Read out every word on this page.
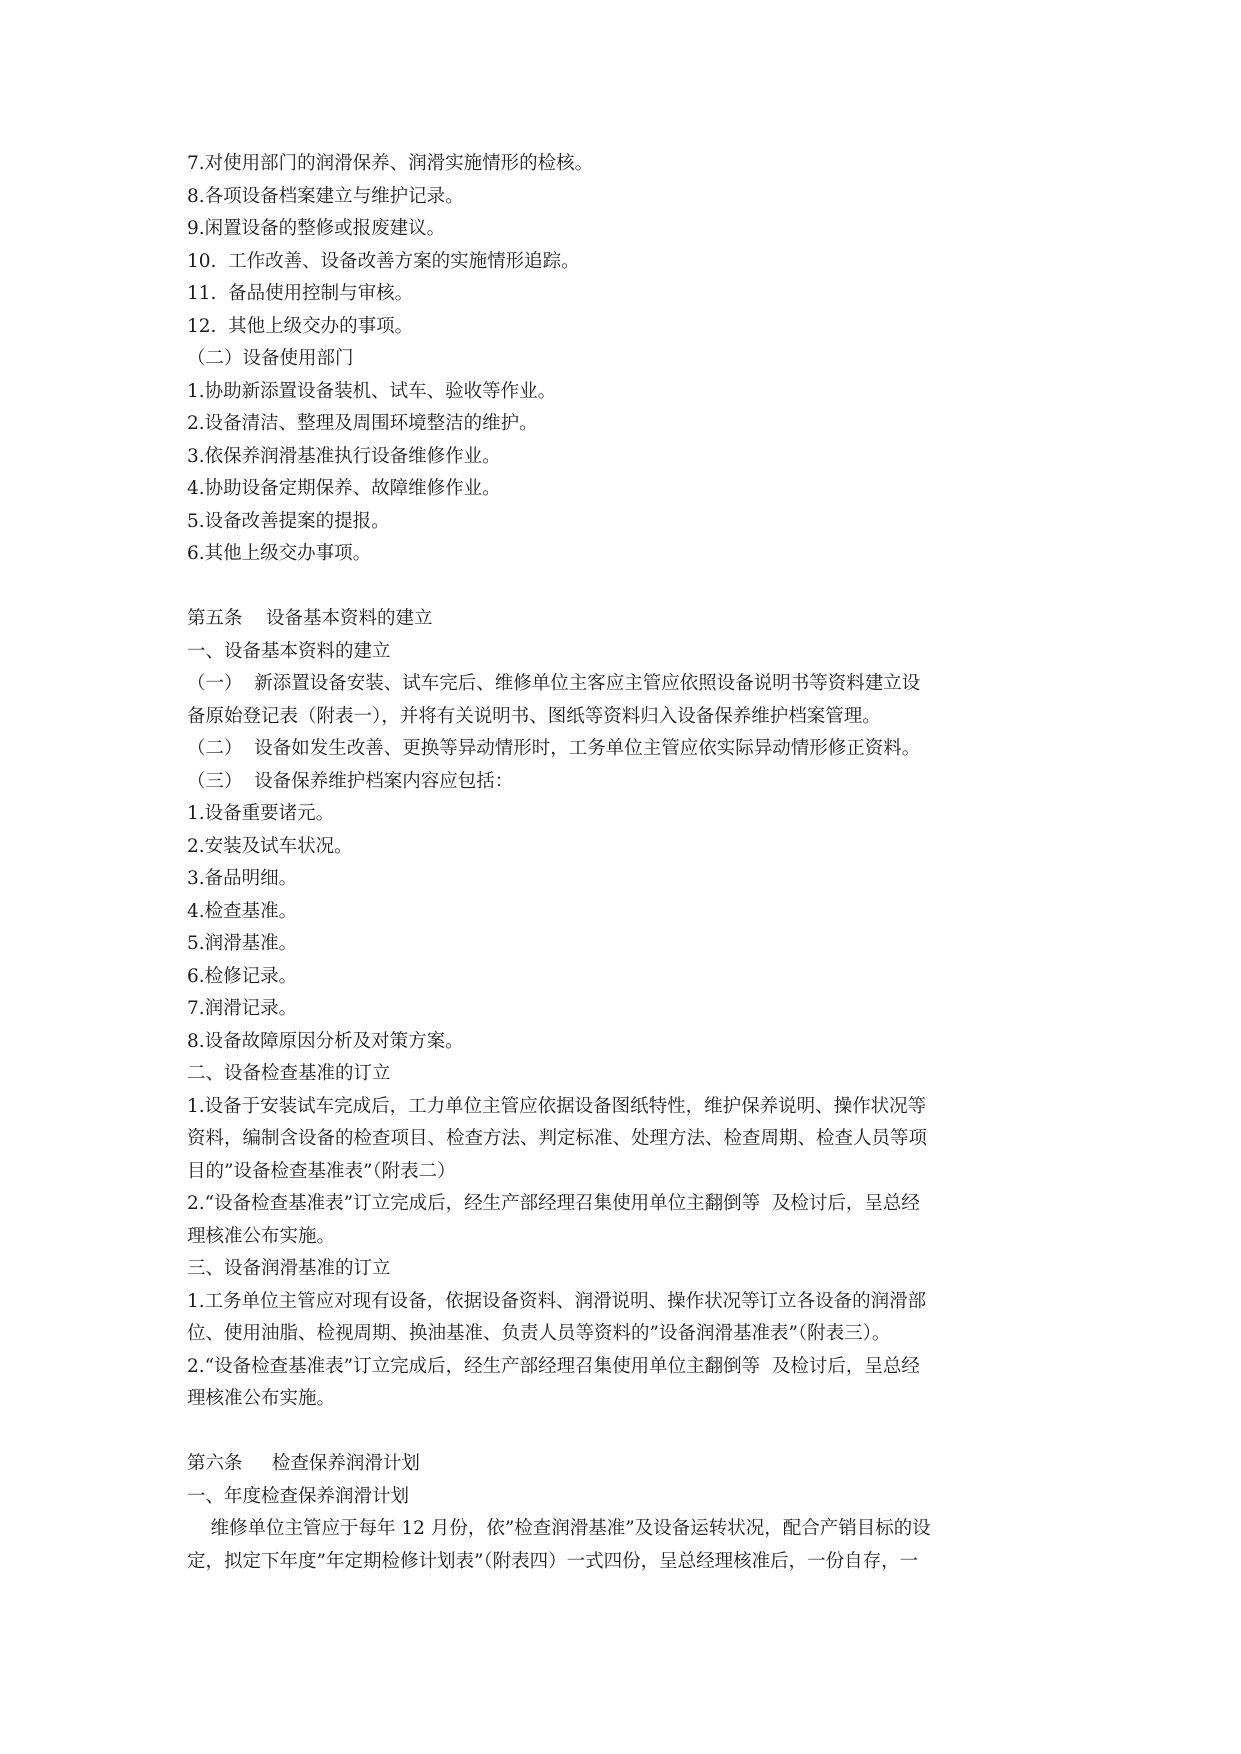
7.对使用部门的润滑保养、润滑实施情形的检核。

8.各项设备档案建立与维护记录。

9.闲置设备的整修或报废建议。

10.  工作改善、设备改善方案的实施情形追踪。

11.  备品使用控制与审核。

12.  其他上级交办的事项。

（二）设备使用部门

1.协助新添置设备装机、试车、验收等作业。

2.设备清洁、整理及周围环境整洁的维护。

3.依保养润滑基准执行设备维修作业。

4.协助设备定期保养、故障维修作业。

5.设备改善提案的提报。

6.其他上级交办事项。

第五条    设备基本资料的建立

一、设备基本资料的建立

（一）  新添置设备安装、试车完后、维修单位主客应主管应依照设备说明书等资料建立设

备原始登记表（附表一），并将有关说明书、图纸等资料归入设备保养维护档案管理。

（二）  设备如发生改善、更换等异动情形时，工务单位主管应依实际异动情形修正资料。

（三）  设备保养维护档案内容应包括：

1.设备重要诸元。

2.安装及试车状况。

3.备品明细。

4.检查基准。

5.润滑基准。

6.检修记录。

7.润滑记录。

8.设备故障原因分析及对策方案。

二、设备检查基准的订立

1.设备于安装试车完成后，工力单位主管应依据设备图纸特性，维护保养说明、操作状况等

资料，编制含设备的检查项目、检查方法、判定标准、处理方法、检查周期、检查人员等项

目的”设备检查基准表”（附表二）

2.“设备检查基准表”订立完成后，经生产部经理召集使用单位主翻倒等  及检讨后，呈总经

理核准公布实施。

三、设备润滑基准的订立

1.工务单位主管应对现有设备，依据设备资料、润滑说明、操作状况等订立各设备的润滑部

位、使用油脂、检视周期、换油基准、负责人员等资料的”设备润滑基准表”（附表三）。

2.“设备检查基准表”订立完成后，经生产部经理召集使用单位主翻倒等  及检讨后，呈总经

理核准公布实施。

第六条     检查保养润滑计划

一、年度检查保养润滑计划

维修单位主管应于每年 12 月份，依”检查润滑基准”及设备运转状况，配合产销目标的设

定，拟定下年度”年定期检修计划表”（附表四）一式四份，呈总经理核准后，一份自存，一
